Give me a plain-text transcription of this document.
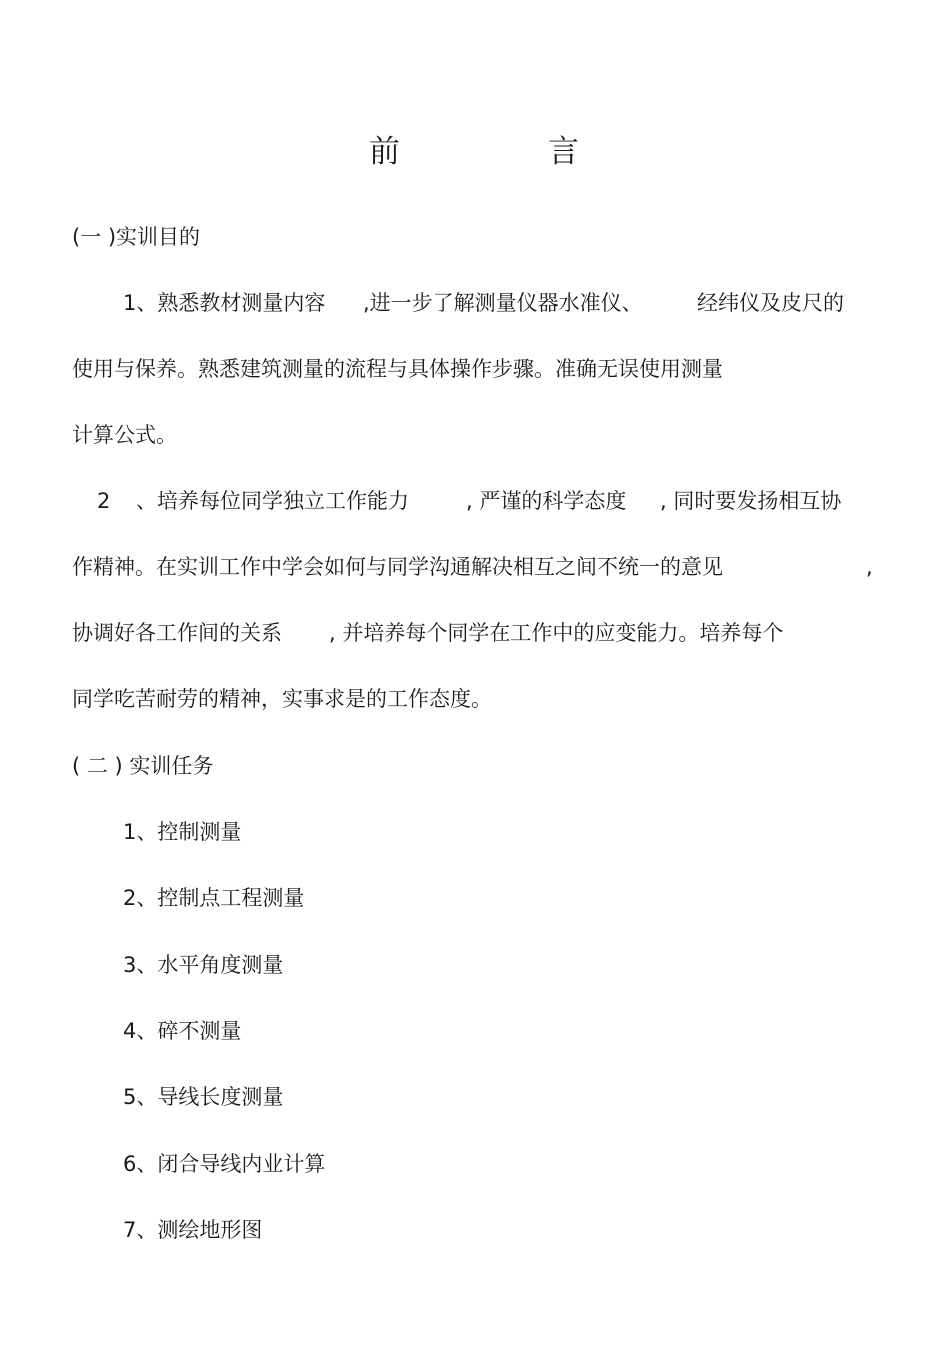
前	言
(一 )实训目的
1、熟悉教材测量内容 ,进一步了解测量仪器水准仪、	经纬仪及皮尺的
使用与保养。熟悉建筑测量的流程与具体操作步骤。准确无误使用测量
计算公式。
2 、培养每位同学独立工作能力	, 严谨的科学态度 , 同时要发扬相互协
作精神。在实训工作中学会如何与同学沟通解决相互之间不统一的意见	,
协调好各工作间的关系 , 并培养每个同学在工作中的应变能力。培养每个
同学吃苦耐劳的精神，实事求是的工作态度。
( 二 ) 实训任务
1、控制测量
2、控制点工程测量
3、水平角度测量
4、碎不测量
5、导线长度测量
6、闭合导线内业计算
7、测绘地形图
